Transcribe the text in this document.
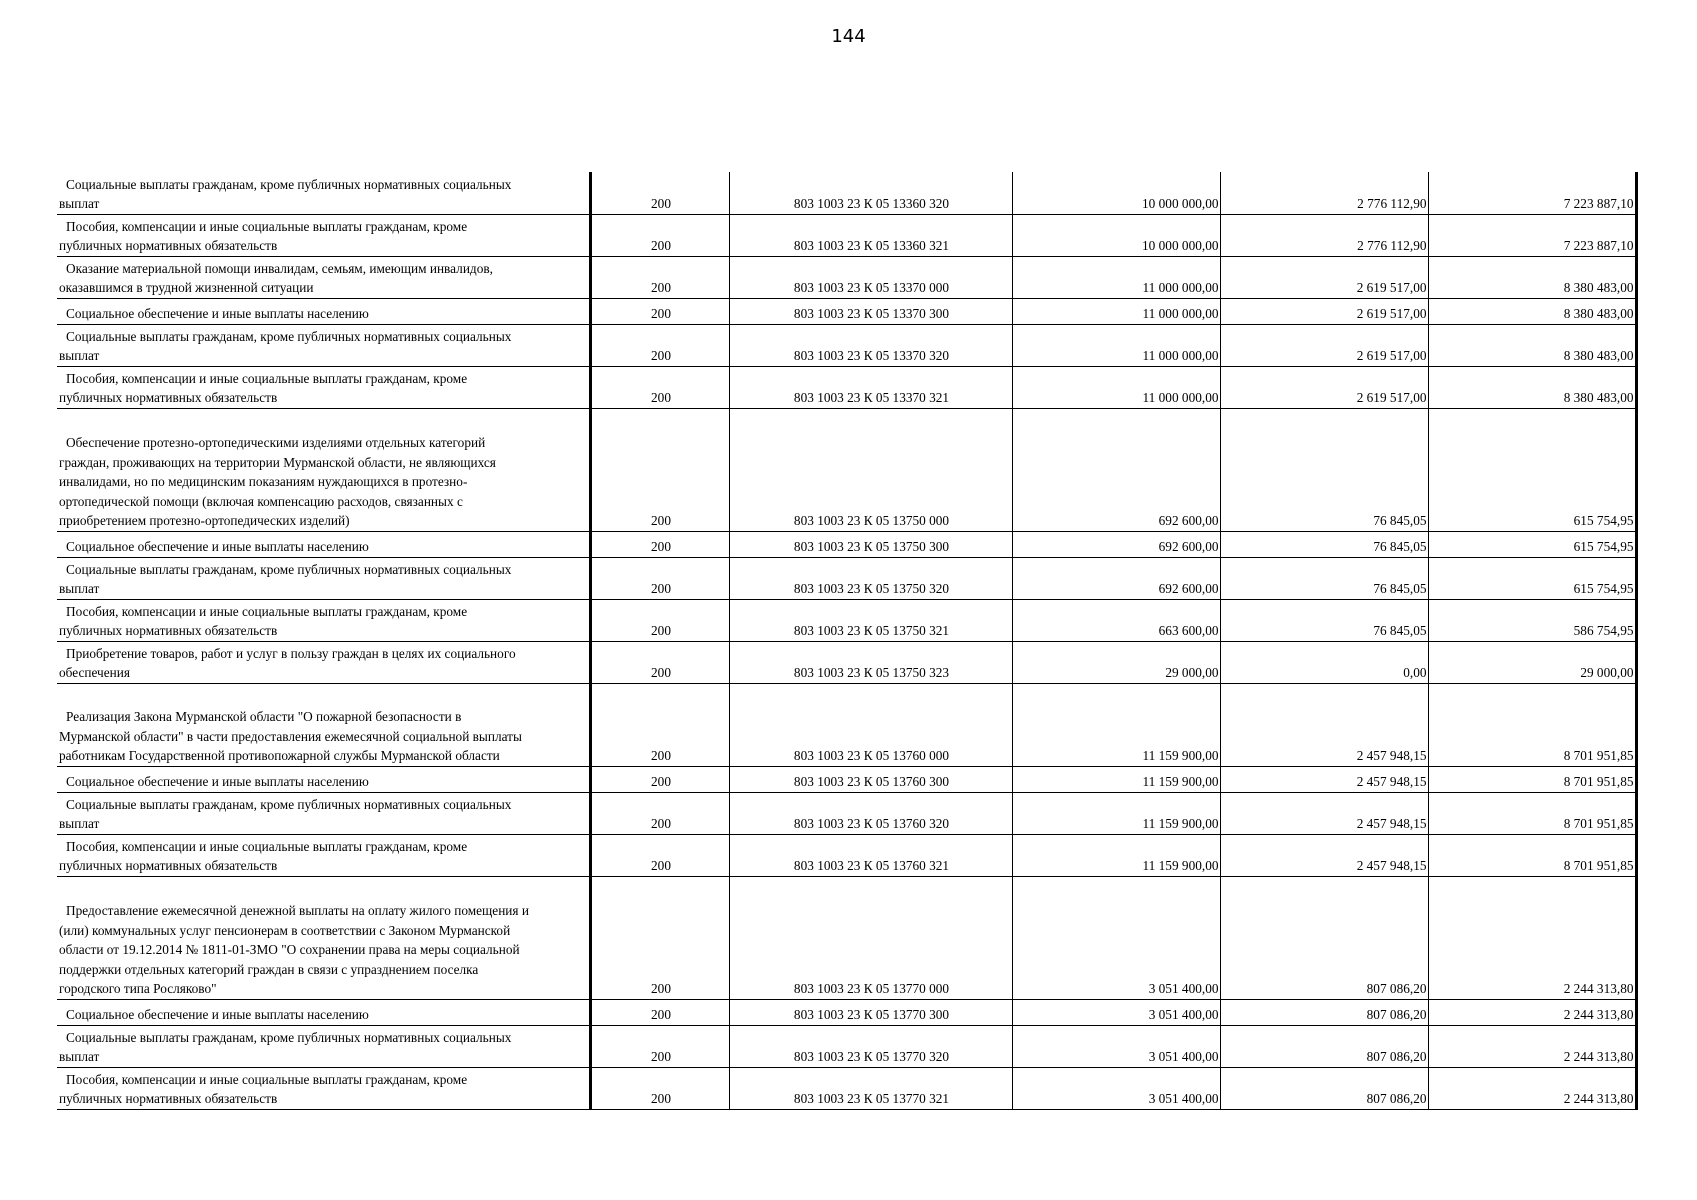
144
Социальные выплаты гражданам, кроме публичных нормативных социальных
выплат	200	803 1003 23 К 05 13360 320	10 000 000,00	2 776 112,90	7 223 887,10

Пособия, компенсации и иные социальные выплаты гражданам, кроме
публичных нормативных обязательств	200	803 1003 23 К 05 13360 321	10 000 000,00	2 776 112,90	7 223 887,10

Оказание материальной помощи инвалидам, семьям, имеющим инвалидов,
оказавшимся в трудной жизненной ситуации	200	803 1003 23 К 05 13370 000	11 000 000,00	2 619 517,00	8 380 483,00

Социальное обеспечение и иные выплаты населению	200	803 1003 23 К 05 13370 300	11 000 000,00	2 619 517,00	8 380 483,00

Социальные выплаты гражданам, кроме публичных нормативных социальных
выплат	200	803 1003 23 К 05 13370 320	11 000 000,00	2 619 517,00	8 380 483,00

Пособия, компенсации и иные социальные выплаты гражданам, кроме
публичных нормативных обязательств	200	803 1003 23 К 05 13370 321	11 000 000,00	2 619 517,00	8 380 483,00

Обеспечение протезно-ортопедическими изделиями отдельных категорий
граждан, проживающих на территории Мурманской области, не являющихся
инвалидами, но по медицинским показаниям нуждающихся в протезно-
ортопедической помощи (включая компенсацию расходов, связанных с
приобретением протезно-ортопедических изделий)	200	803 1003 23 К 05 13750 000	692 600,00	76 845,05	615 754,95

Социальное обеспечение и иные выплаты населению	200	803 1003 23 К 05 13750 300	692 600,00	76 845,05	615 754,95

Социальные выплаты гражданам, кроме публичных нормативных социальных
выплат	200	803 1003 23 К 05 13750 320	692 600,00	76 845,05	615 754,95

Пособия, компенсации и иные социальные выплаты гражданам, кроме
публичных нормативных обязательств	200	803 1003 23 К 05 13750 321	663 600,00	76 845,05	586 754,95

Приобретение товаров, работ и услуг в пользу граждан в целях их социального
обеспечения	200	803 1003 23 К 05 13750 323	29 000,00	0,00	29 000,00

Реализация Закона Мурманской области "О пожарной безопасности в
Мурманской области" в части предоставления ежемесячной социальной выплаты
работникам Государственной противопожарной службы Мурманской области	200	803 1003 23 К 05 13760 000	11 159 900,00	2 457 948,15	8 701 951,85

Социальное обеспечение и иные выплаты населению	200	803 1003 23 К 05 13760 300	11 159 900,00	2 457 948,15	8 701 951,85

Социальные выплаты гражданам, кроме публичных нормативных социальных
выплат	200	803 1003 23 К 05 13760 320	11 159 900,00	2 457 948,15	8 701 951,85

Пособия, компенсации и иные социальные выплаты гражданам, кроме
публичных нормативных обязательств	200	803 1003 23 К 05 13760 321	11 159 900,00	2 457 948,15	8 701 951,85

Предоставление ежемесячной денежной выплаты на оплату жилого помещения и
(или) коммунальных услуг пенсионерам в соответствии с Законом Мурманской
области от 19.12.2014 № 1811-01-ЗМО "О сохранении права на меры социальной
поддержки отдельных категорий граждан в связи с упразднением поселка
городского типа Росляково"	200	803 1003 23 К 05 13770 000	3 051 400,00	807 086,20	2 244 313,80

Социальное обеспечение и иные выплаты населению	200	803 1003 23 К 05 13770 300	3 051 400,00	807 086,20	2 244 313,80

Социальные выплаты гражданам, кроме публичных нормативных социальных
выплат	200	803 1003 23 К 05 13770 320	3 051 400,00	807 086,20	2 244 313,80

Пособия, компенсации и иные социальные выплаты гражданам, кроме
публичных нормативных обязательств	200	803 1003 23 К 05 13770 321	3 051 400,00	807 086,20	2 244 313,80
